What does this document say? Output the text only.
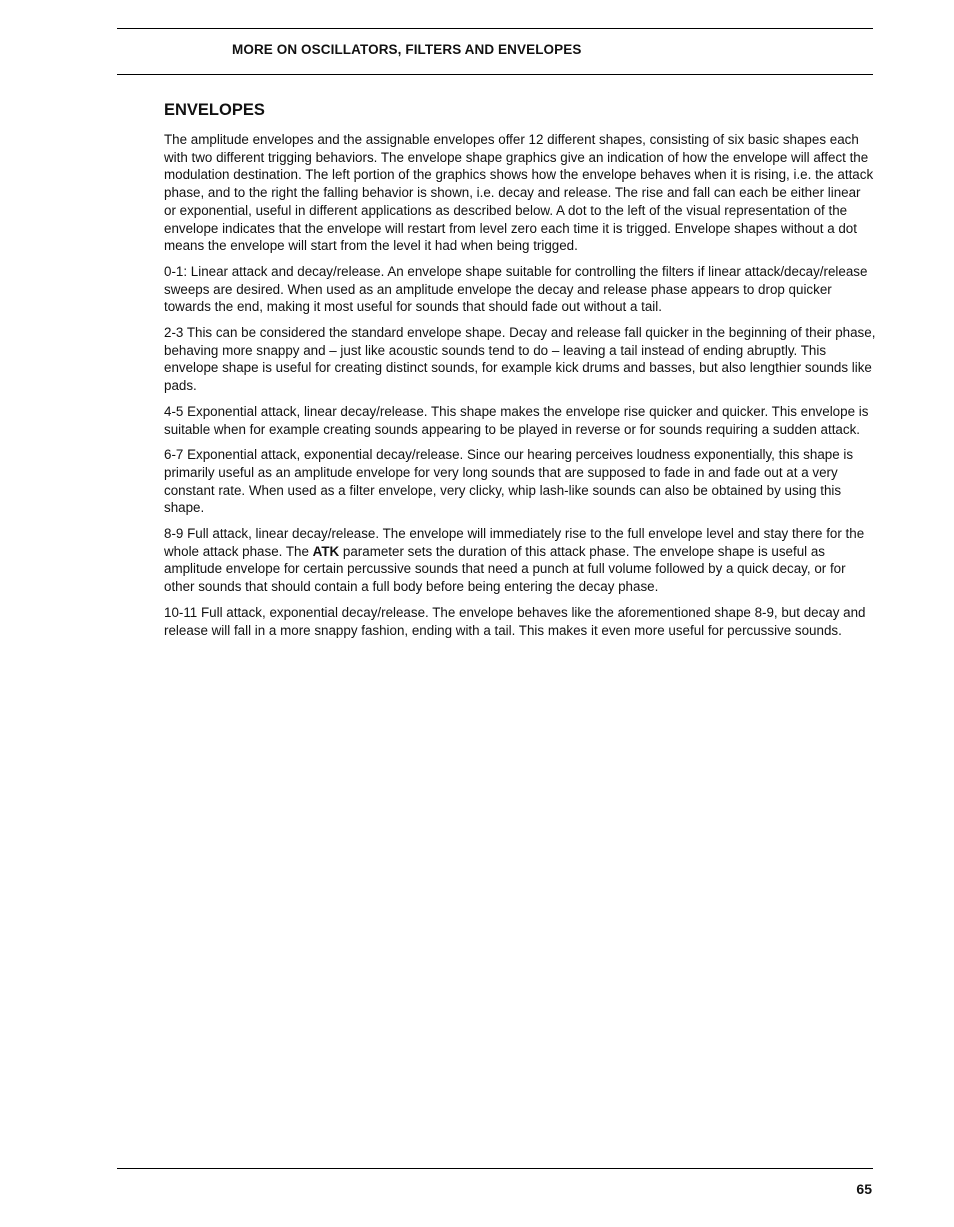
MORE ON OSCILLATORS, FILTERS AND ENVELOPES
ENVELOPES

The amplitude envelopes and the assignable envelopes offer 12 different shapes, consisting of six basic shapes each with two different trigging behaviors. The envelope shape graphics give an indication of how the envelope will affect the modulation destination. The left portion of the graphics shows how the envelope behaves when it is rising, i.e. the attack phase, and to the right the falling behavior is shown, i.e. decay and release. The rise and fall can each be either linear or exponential, useful in different applications as described below. A dot to the left of the visual representation of the envelope indicates that the envelope will restart from level zero each time it is trigged. Envelope shapes without a dot means the envelope will start from the level it had when being trigged.

0-1: Linear attack and decay/release. An envelope shape suitable for controlling the filters if linear attack/decay/release sweeps are desired. When used as an amplitude envelope the decay and release phase appears to drop quicker towards the end, making it most useful for sounds that should fade out without a tail.

2-3 This can be considered the standard envelope shape. Decay and release fall quicker in the beginning of their phase, behaving more snappy and – just like acoustic sounds tend to do – leaving a tail instead of ending abruptly. This envelope shape is useful for creating distinct sounds, for example kick drums and basses, but also lengthier sounds like pads.

4-5 Exponential attack, linear decay/release. This shape makes the envelope rise quicker and quicker. This envelope is suitable when for example creating sounds appearing to be played in reverse or for sounds requiring a sudden attack.

6-7 Exponential attack, exponential decay/release. Since our hearing perceives loudness exponentially, this shape is primarily useful as an amplitude envelope for very long sounds that are supposed to fade in and fade out at a very constant rate. When used as a filter envelope, very clicky, whip lash-like sounds can also be obtained by using this shape.

8-9 Full attack, linear decay/release. The envelope will immediately rise to the full envelope level and stay there for the whole attack phase. The ATK parameter sets the duration of this attack phase. The envelope shape is useful as amplitude envelope for certain percussive sounds that need a punch at full volume followed by a quick decay, or for other sounds that should contain a full body before being entering the decay phase.

10-11 Full attack, exponential decay/release. The envelope behaves like the aforementioned shape 8-9, but decay and release will fall in a more snappy fashion, ending with a tail. This makes it even more useful for percussive sounds.

65
